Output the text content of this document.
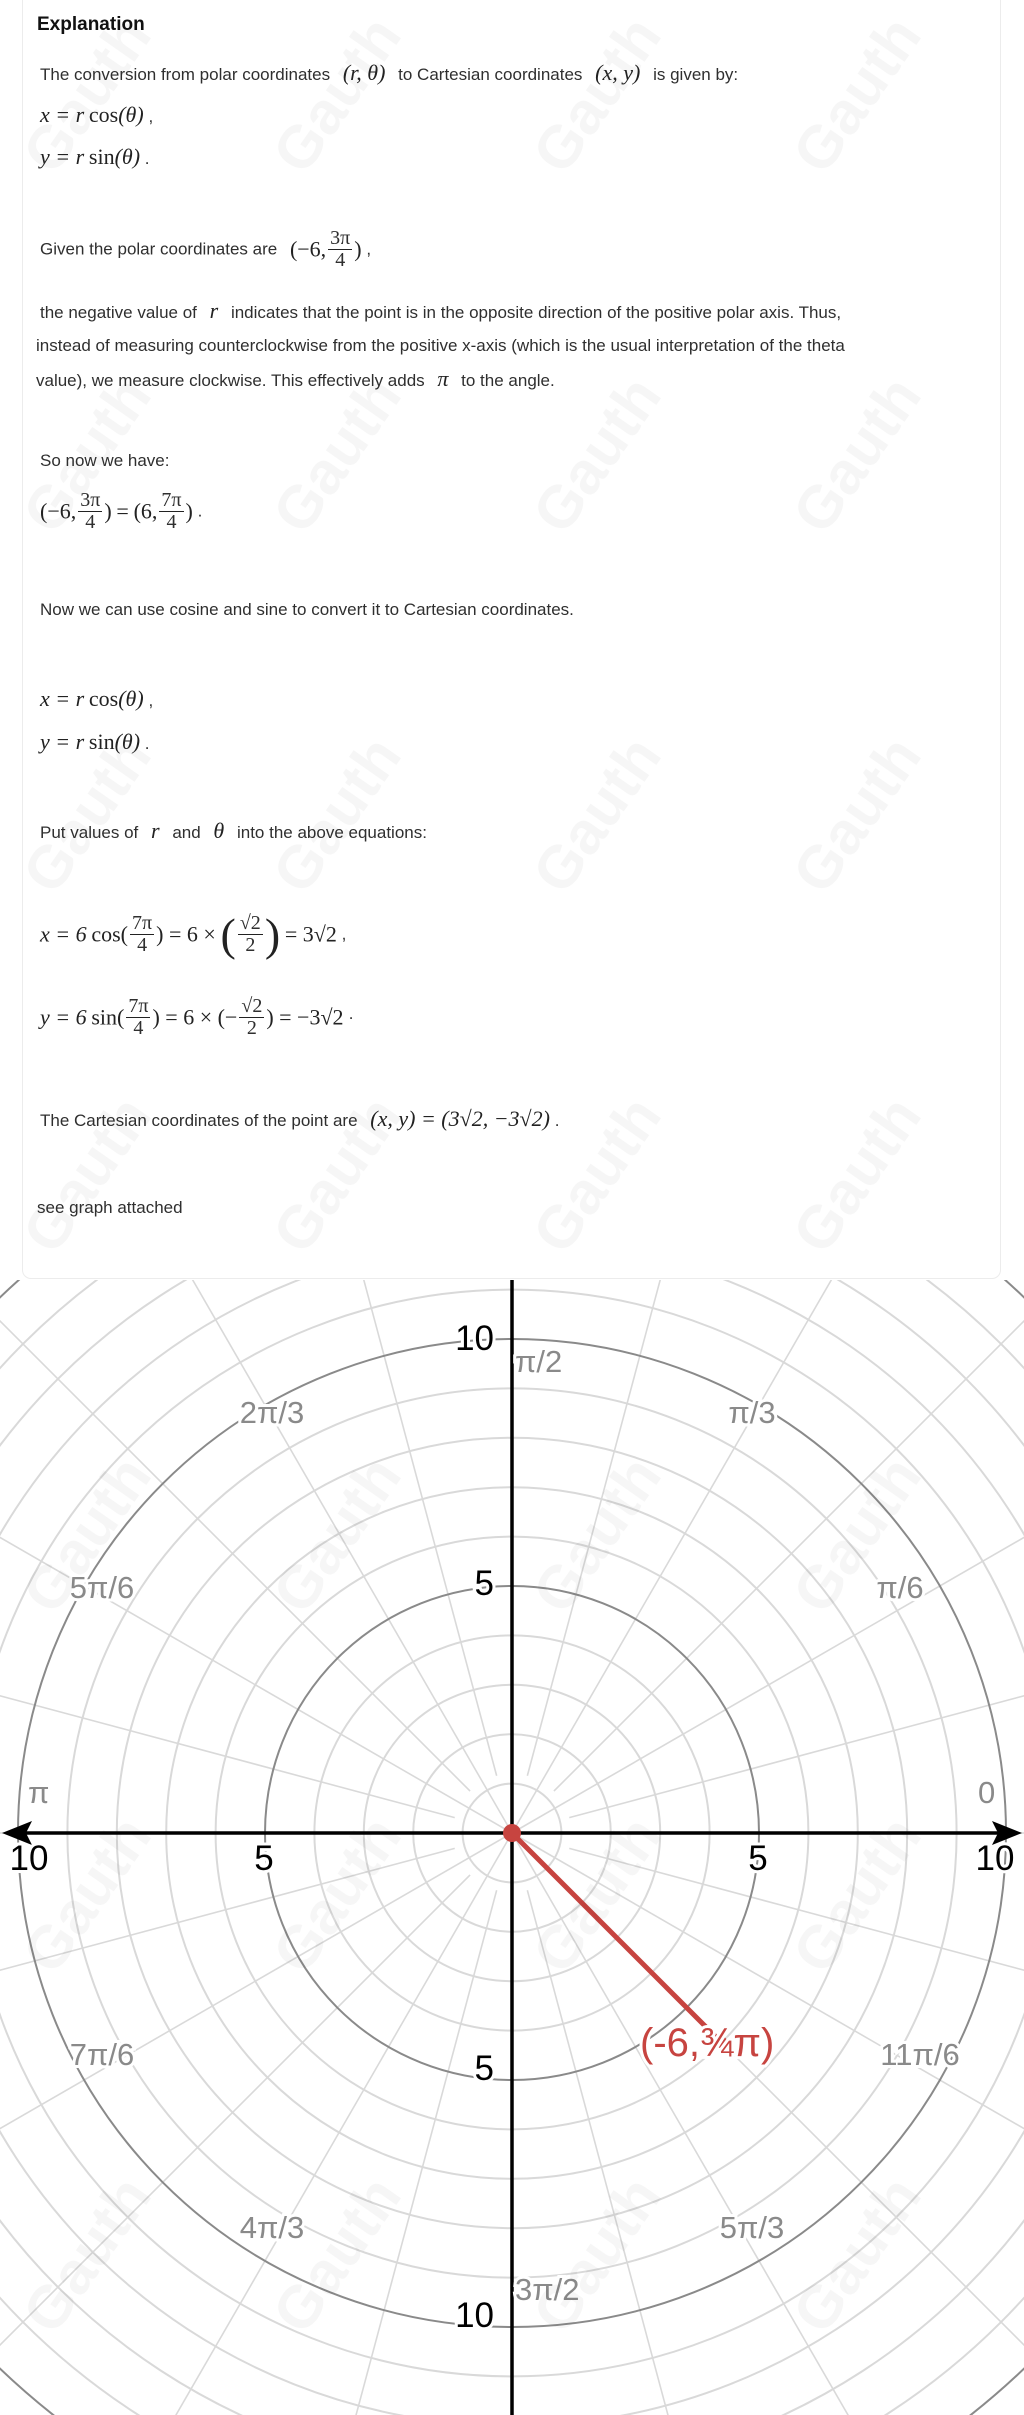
0
π/6
π/3
π/2
2π/3
5π/6
π
7π/6
4π/3
3π/2
5π/3
11π/6
10	5	5	10
10
5
5
10
(-6,¾π)
Explanation
The conversion from polar coordinates (r, θ) to Cartesian coordinates (x, y) is given by:
x = r cos(θ) ,
y = r sin(θ) .
Given the polar coordinates are (−6, $\frac{3\pi}{4}$ ) ,
the negative value of r indicates that the point is in the opposite direction of the positive polar axis. Thus,
instead of measuring counterclockwise from the positive x-axis (which is the usual interpretation of the theta
value), we measure clockwise. This effectively adds π to the angle.
So now we have:
(−6, $\frac{3\pi}{4}$ ) = (6, $\frac{7\pi}{4}$ ) .
Now we can use cosine and sine to convert it to Cartesian coordinates.
x = r cos(θ) ,
y = r sin(θ) .
Put values of r and θ into the above equations:
x = 6 $\cos( \frac{7\pi}{4}$ ) = 6 × ( $\frac{√2}{2}$ ) = 3√2 ,
y = 6 $\sin( \frac{7\pi}{4}$ ) = 6 × (− $\frac{√2}{2}$ ) = −3√2 ·
The Cartesian coordinates of the point are (x, y) = (3√2, −3√2) .
see graph attached
